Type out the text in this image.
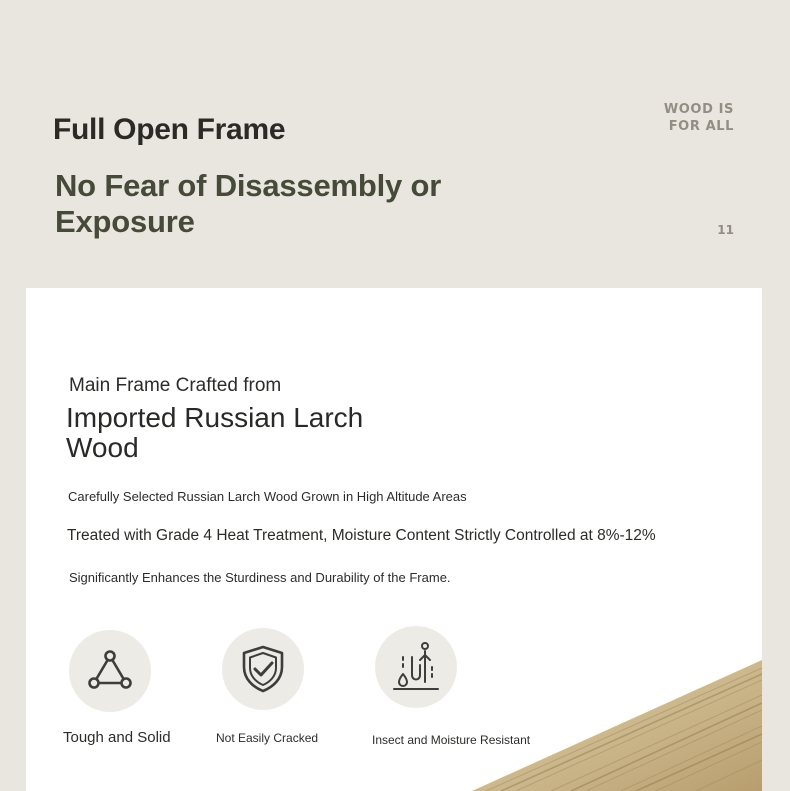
Full Open Frame
No Fear of Disassembly or Exposure
WOOD IS
FOR ALL
11
Main Frame Crafted from
Imported Russian Larch Wood
Carefully Selected Russian Larch Wood Grown in High Altitude Areas
Treated with Grade 4 Heat Treatment, Moisture Content Strictly Controlled at 8%-12%
Significantly Enhances the Sturdiness and Durability of the Frame.
Tough and Solid	Not Easily Cracked	Insect and Moisture Resistant
